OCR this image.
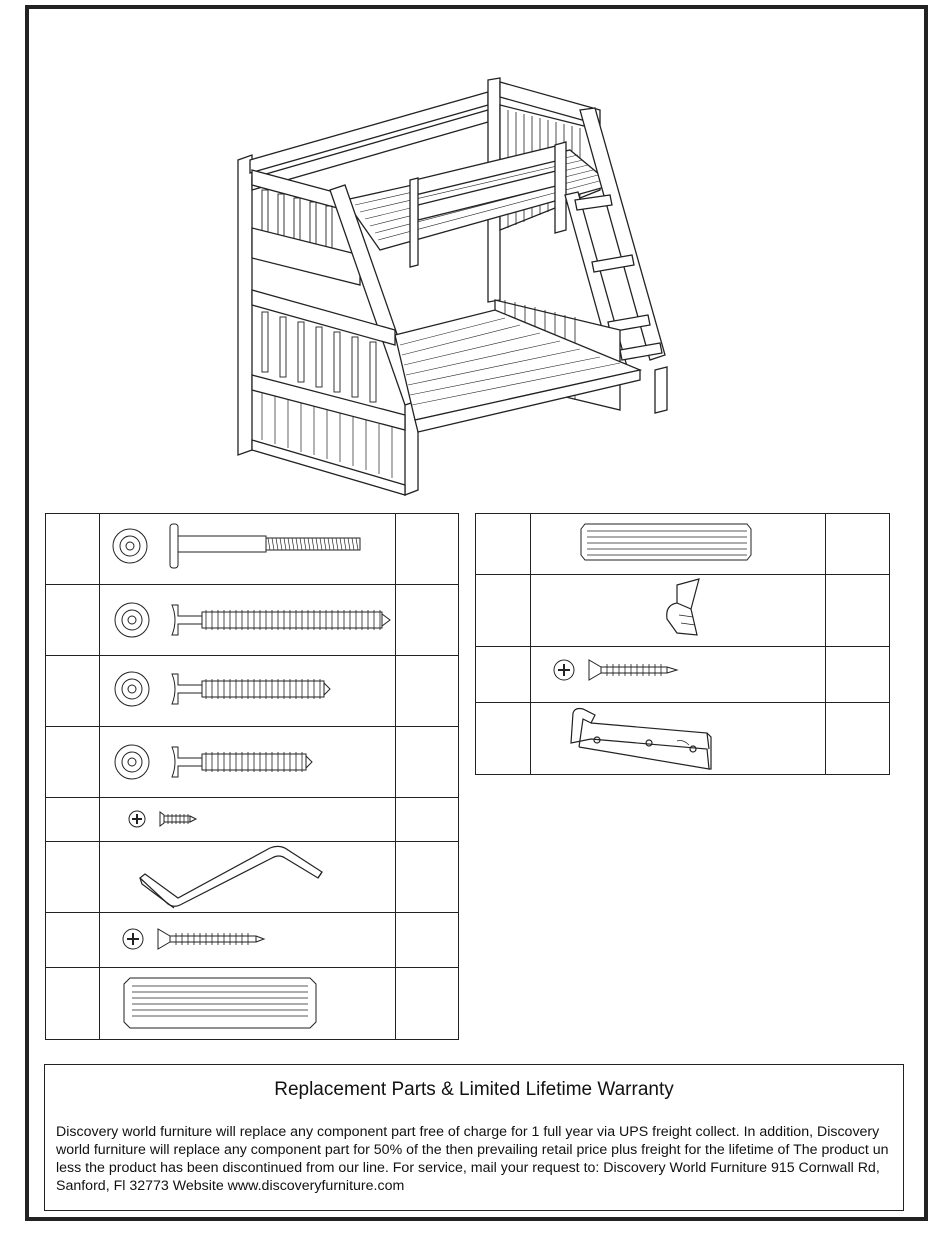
Replacement Parts & Limited Lifetime Warranty
Discovery world furniture will replace any component part free of charge for 1 full year via UPS freight collect. In addition, Discovery world furniture will replace any component part for 50% of the then prevailing retail price plus freight for the lifetime of The product un less the product has been discontinued from our line. For service, mail your request to: Discovery World Furniture 915 Cornwall Rd, Sanford, Fl 32773 Website www.discoveryfurniture.com
